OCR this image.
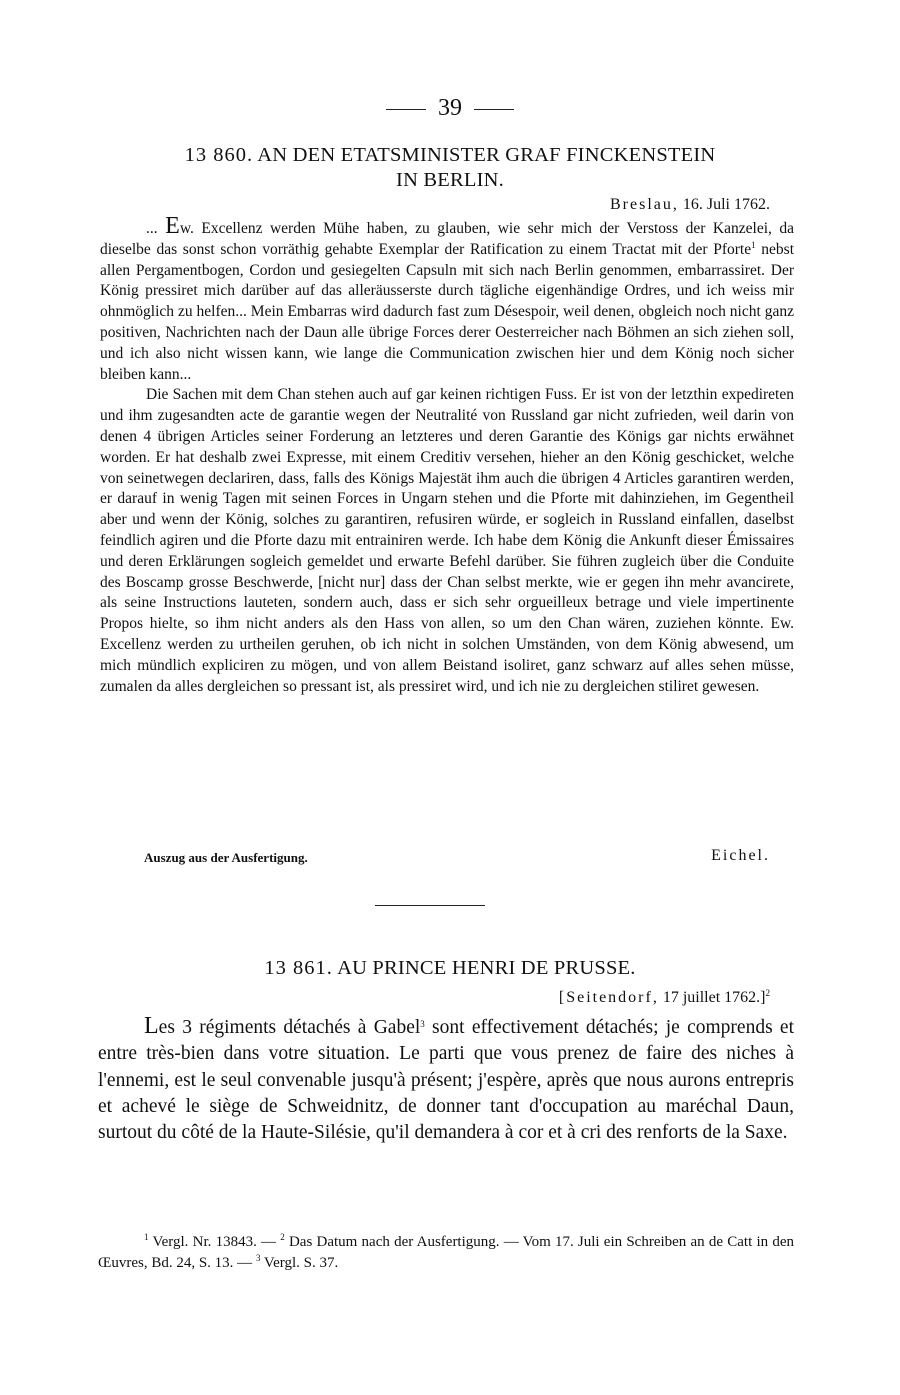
39
13 860. AN DEN ETATSMINISTER GRAF FINCKENSTEIN
IN BERLIN.
Breslau, 16. Juli 1762.

... Ew. Excellenz werden Mühe haben, zu glauben, wie sehr mich der Verstoss der Kanzelei, da dieselbe das sonst schon vorräthig gehabte Exemplar der Ratification zu einem Tractat mit der Pforte$^1$ nebst allen Pergamentbogen, Cordon und gesiegelten Capsuln mit sich nach Berlin genommen, embarrassiret. Der König pressiret mich darüber auf das alleräusserste durch tägliche eigenhändige Ordres, und ich weiss mir ohnmöglich zu helfen... Mein Embarras wird dadurch fast zum Désespoir, weil denen, obgleich noch nicht ganz positiven, Nachrichten nach der Daun alle übrige Forces derer Oesterreicher nach Böhmen an sich ziehen soll, und ich also nicht wissen kann, wie lange die Communication zwischen hier und dem König noch sicher bleiben kann...

Die Sachen mit dem Chan stehen auch auf gar keinen richtigen Fuss. Er ist von der letzthin expedireten und ihm zugesandten acte de garantie wegen der Neutralité von Russland gar nicht zufrieden, weil darin von denen 4 übrigen Articles seiner Forderung an letzteres und deren Garantie des Königs gar nichts erwähnet worden. Er hat deshalb zwei Expresse, mit einem Creditiv versehen, hieher an den König geschicket, welche von seinetwegen declariren, dass, falls des Königs Majestät ihm auch die übrigen 4 Articles garantiren werden, er darauf in wenig Tagen mit seinen Forces in Ungarn stehen und die Pforte mit dahinziehen, im Gegentheil aber und wenn der König, solches zu garantiren, refusiren würde, er sogleich in Russland einfallen, daselbst feindlich agiren und die Pforte dazu mit entrainiren werde. Ich habe dem König die Ankunft dieser Émissaires und deren Erklärungen sogleich gemeldet und erwarte Befehl darüber. Sie führen zugleich über die Conduite des Boscamp grosse Beschwerde, [nicht nur] dass der Chan selbst merkte, wie er gegen ihn mehr avancirete, als seine Instructions lauteten, sondern auch, dass er sich sehr orgueilleux betrage und viele impertinente Propos hielte, so ihm nicht anders als den Hass von allen, so um den Chan wären, zuziehen könnte. Ew. Excellenz werden zu urtheilen geruhen, ob ich nicht in solchen Umständen, von dem König abwesend, um mich mündlich expliciren zu mögen, und von allem Beistand isoliret, ganz schwarz auf alles sehen müsse, zumalen da alles dergleichen so pressant ist, als pressiret wird, und ich nie zu dergleichen stiliret gewesen.

Auszug aus der Ausfertigung.	Eichel.
13 861. AU PRINCE HENRI DE PRUSSE.
[Seitendorf, 17 juillet 1762.]$^2$

Les 3 régiments détachés à Gabel$^3$ sont effectivement détachés; je comprends et entre très-bien dans votre situation. Le parti que vous prenez de faire des niches à l'ennemi, est le seul convenable jusqu'à présent; j'espère, après que nous aurons entrepris et achevé le siège de Schweidnitz, de donner tant d'occupation au maréchal Daun, surtout du côté de la Haute-Silésie, qu'il demandera à cor et à cri des renforts de la Saxe.

$^1$ Vergl. Nr. 13843. — $^2$ Das Datum nach der Ausfertigung. — Vom 17. Juli ein Schreiben an de Catt in den Œuvres, Bd. 24, S. 13. — $^3$ Vergl. S. 37.
